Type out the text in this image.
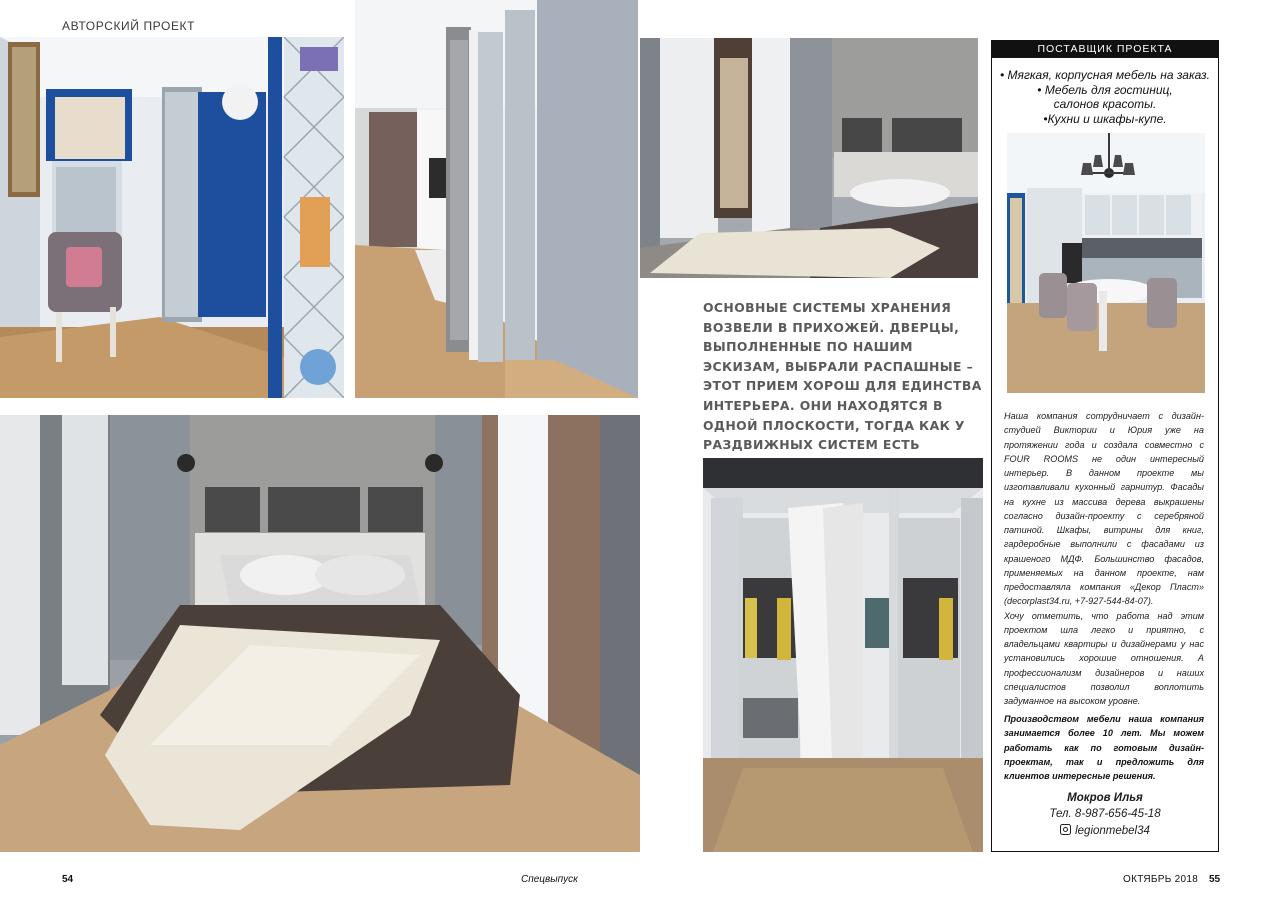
АВТОРСКИЙ ПРОЕКТ
54	Спецвыпуск
ОСНОВНЫЕ СИСТЕМЫ ХРАНЕНИЯ ВОЗВЕЛИ В ПРИХОЖЕЙ. ДВЕРЦЫ, ВЫПОЛНЕННЫЕ ПО НАШИМ ЭСКИЗАМ, ВЫБРАЛИ РАСПАШНЫЕ – ЭТОТ ПРИЕМ ХОРОШ ДЛЯ ЕДИНСТВА ИНТЕРЬЕРА. ОНИ НАХОДЯТСЯ В ОДНОЙ ПЛОСКОСТИ, ТОГДА КАК У РАЗДВИЖНЫХ СИСТЕМ ЕСТЬ
ПОСТАВЩИК ПРОЕКТА
• Мягкая, корпусная мебель на заказ.
• Мебель для гостиниц,
салонов красоты.
•Кухни и шкафы-купе.

Наша компания сотрудничает с дизайн-студией Виктории и Юрия уже на протяжении года и создала совместно с FOUR ROOMS не один интересный интерьер. В данном проекте мы изготавливали кухонный гарнитур. Фасады на кухне из массива дерева выкрашены согласно дизайн-проекту с серебряной патиной. Шкафы, витрины для книг, гардеробные выполнили с фасадами из крашеного МДФ. Большинство фасадов, применяемых на данном проекте, нам предоставляла компания «Декор Пласт» (decorplast34.ru, +7-927-544-84-07).

Хочу отметить, что работа над этим проектом шла легко и приятно, с владельцами квартиры и дизайнерами у нас установились хорошие отношения. А профессионализм дизайнеров и наших специалистов позволил воплотить задуманное на высоком уровне.

Производством мебели наша компания занимается более 10 лет. Мы можем работать как по готовым дизайн-проектам, так и предложить для клиентов интересные решения.
Мокров Илья
Тел. 8-987-656-45-18
legionmebel34
ОКТЯБРЬ 2018 55
